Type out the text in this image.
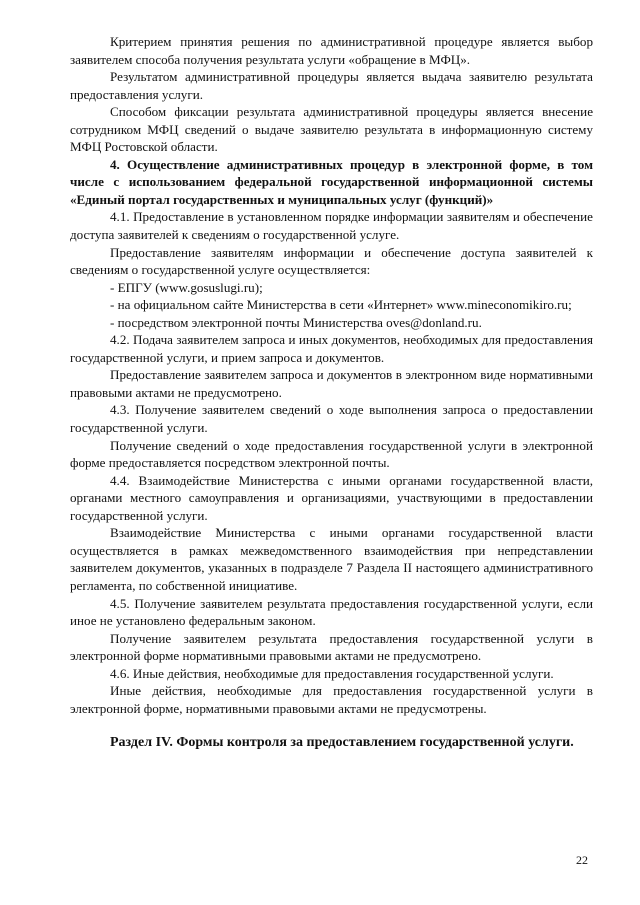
Критерием принятия решения по административной процедуре является выбор заявителем способа получения результата услуги «обращение в МФЦ».

Результатом административной процедуры является выдача заявителю результата предоставления услуги.

Способом фиксации результата административной процедуры является внесение сотрудником МФЦ сведений о выдаче заявителю результата в информационную систему МФЦ Ростовской области.

4. Осуществление административных процедур в электронной форме, в том числе с использованием федеральной государственной информационной системы «Единый портал государственных и муниципальных услуг (функций)»

4.1. Предоставление в установленном порядке информации заявителям и обеспечение доступа заявителей к сведениям о государственной услуге.

Предоставление заявителям информации и обеспечение доступа заявителей к сведениям о государственной услуге осуществляется:

- ЕПГУ (www.gosuslugi.ru);

- на официальном сайте Министерства в сети «Интернет» www.mineconomikiro.ru;

- посредством электронной почты Министерства oves@donland.ru.

4.2. Подача заявителем запроса и иных документов, необходимых для предоставления государственной услуги, и прием запроса и документов.

Предоставление заявителем запроса и документов в электронном виде нормативными правовыми актами не предусмотрено.

4.3. Получение заявителем сведений о ходе выполнения запроса о предоставлении государственной услуги.

Получение сведений о ходе предоставления государственной услуги в электронной форме предоставляется посредством электронной почты.

4.4. Взаимодействие Министерства с иными органами государственной власти, органами местного самоуправления и организациями, участвующими в предоставлении государственной услуги.

Взаимодействие Министерства с иными органами государственной власти осуществляется в рамках межведомственного взаимодействия при непредставлении заявителем документов, указанных в подразделе 7 Раздела II настоящего административного регламента, по собственной инициативе.

4.5. Получение заявителем результата предоставления государственной услуги, если иное не установлено федеральным законом.

Получение заявителем результата предоставления государственной услуги в электронной форме нормативными правовыми актами не предусмотрено.

4.6. Иные действия, необходимые для предоставления государственной услуги.

Иные действия, необходимые для предоставления государственной услуги в электронной форме, нормативными правовыми актами не предусмотрены.

Раздел IV. Формы контроля за предоставлением государственной услуги.

22
